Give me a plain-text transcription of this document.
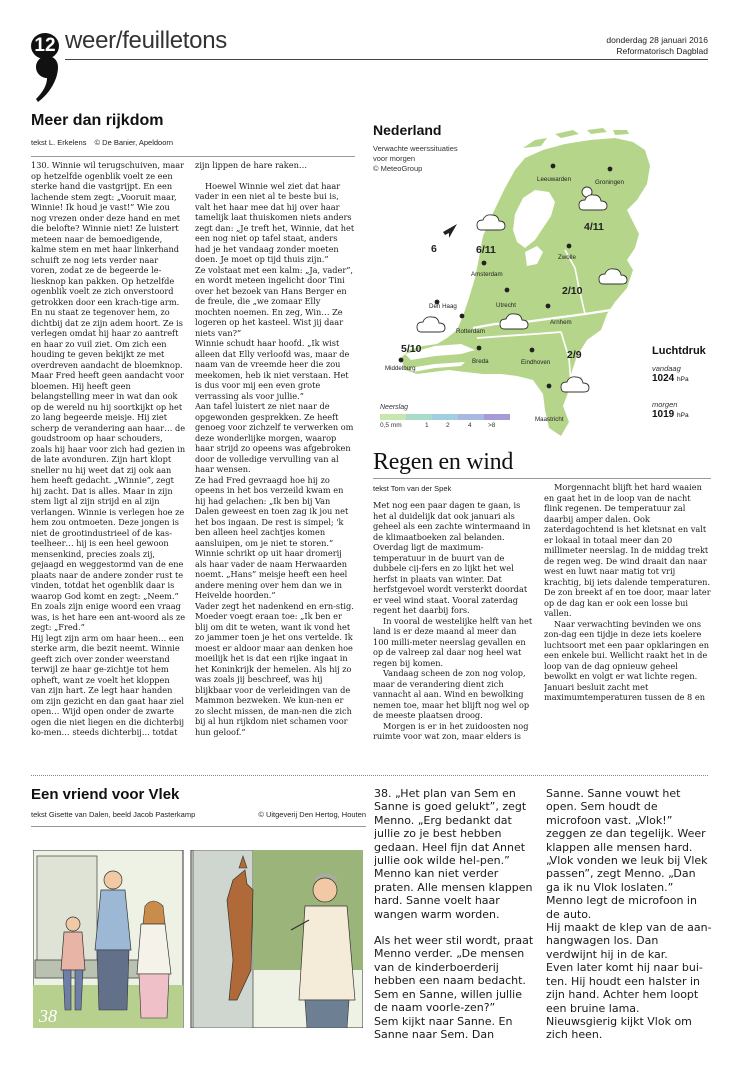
12 weer/feuilletons	donderdag 28 januari 2016
Reformatorisch Dagblad
Meer dan rijkdom
tekst L. Erkelens © De Banier, Apeldoorn

130. Winnie wil terugschuiven, maar op hetzelfde ogenblik voelt ze een sterke hand die vastgrijpt. En een lachende stem zegt: „Vooruit maar, Winnie! Ik houd je vast!” Wie zou nog vrezen onder deze hand en met die belofte? Winnie niet! Ze luistert meteen naar de bemoedigende, kalme stem en met haar linkerhand schuift ze nog iets verder naar voren, zodat ze de begeerde le-liesknop kan pakken. Op hetzelfde ogenblik voelt ze zich onverstoord getrokken door een krach-tige arm. En nu staat ze tegenover hem, zo dichtbij dat ze zijn adem hoort. Ze is verlegen omdat hij haar zo aantreft en haar zo vuil ziet. Om zich een houding te geven bekijkt ze met overdreven aandacht de bloemknop.

Maar Fred heeft geen aandacht voor bloemen. Hij heeft geen belangstelling meer in wat dan ook op de wereld nu hij soortkijkt op het zo lang begeerde meisje. Hij ziet scherp de verandering aan haar… de goudstroom op haar schouders, zoals hij haar voor zich had gezien in de late avonduren. Zijn hart klopt sneller nu hij weet dat zij ook aan hem heeft gedacht. „Winnie”, zegt hij zacht. Dat is alles. Maar in zijn stem ligt al zijn strijd en al zijn verlangen. Winnie is verlegen hoe ze hem zou ontmoeten. Deze jongen is niet de grootindustrieel of de kas-teelheer… hij is een heel gewoon mensenkind, precies zoals zij, gejaagd en weggestormd van de ene plaats naar de andere zonder rust te vinden, totdat het ogenblik daar is waarop God komt en zegt: „Neem.”

En zoals zijn enige woord een vraag was, is het hare een ant-woord als ze zegt: „Fred.”

Hij legt zijn arm om haar heen… een sterke arm, die bezit neemt. Winnie geeft zich over zonder weerstand terwijl ze haar ge-zichtje tot hem opheft, want ze voelt het kloppen van zijn hart. Ze legt haar handen om zijn gezicht en dan gaat haar ziel open… Wijd open onder de zwarte ogen die niet liegen en die dichterbij ko-men… steeds dichterbij… totdat

zijn lippen de hare raken…

Hoewel Winnie wel ziet dat haar vader in een niet al te beste bui is, valt het haar mee dat hij over haar tamelijk laat thuiskomen niets anders zegt dan: „Je treft het, Winnie, dat het een nog niet op tafel staat, anders had je het vandaag zonder moeten doen. Je moet op tijd thuis zijn.”

Ze volstaat met een kalm: „Ja, vader”, en wordt meteen ingelicht door Tini over het bezoek van Hans Berger en de freule, die „we zomaar Elly mochten noemen. En zeg, Win… Ze logeren op het kasteel. Wist jij daar niets van?”

Winnie schudt haar hoofd. „Ik wist alleen dat Elly verloofd was, maar de naam van de vreemde heer die zou meekomen, heb ik niet verstaan. Het is dus voor mij een even grote verrassing als voor jullie.”

Aan tafel luistert ze niet naar de opgewonden gesprekken. Ze heeft genoeg voor zichzelf te verwerken om deze wonderlijke morgen, waarop haar strijd zo opeens was afgebroken door de volledige vervulling van al haar wensen.

Ze had Fred gevraagd hoe hij zo opeens in het bos verzeild kwam en hij had gelachen: „Ik ben bij Van Dalen geweest en toen zag ik jou net het bos ingaan. De rest is simpel; 'k ben alleen heel zachtjes komen aansluipen, om je niet te storen.”

Winnie schrikt op uit haar dromerij als haar vader de naam Herwaarden noemt. „Hans” meisje heeft een heel andere mening over hem dan we in Heivelde hoorden.”

Vader zegt het nadenkend en ern-stig. Moeder voegt eraan toe: „Ik ben er blij om dit te weten, want ik vond het zo jammer toen je het ons vertelde. Ik moest er aldoor maar aan denken hoe moeilijk het is dat een rijke ingaat in het Koninkrijk der hemelen. Als hij zo was zoals jij beschreef, was hij blijkbaar voor de verleidingen van de Mammon bezweken. We kun-nen er zo slecht missen, de man-nen die zich bij al hun rijkdom niet schamen voor hun geloof.”

Leeuwarden	Groningen
Zwolle
Amsterdam
Den Haag	Utrecht
Arnhem
Rotterdam
Breda	Eindhoven
Middelburg
Maastricht
4/11
6/11
2/10
5/10	2/9
6
Nederland
Verwachte weerssituaties
voor morgen
© MeteoGroup
Luchtdruk
vandaag
1024 hPa
morgen
1019 hPa
Neerslag
0,5 mm	1	2	4	>8
Regen en wind
tekst Tom van der Spek

Met nog een paar dagen te gaan, is het al duidelijk dat ook januari als geheel als een zachte wintermaand in de klimaatboeken zal belanden. Overdag ligt de maximum-temperatuur in de buurt van de dubbele cij-fers en zo lijkt het wel herfst in plaats van winter. Dat herfstgevoel wordt versterkt doordat er veel wind staat. Vooral zaterdag regent het daarbij fors.

In vooral de westelijke helft van het land is er deze maand al meer dan 100 milli-meter neerslag gevallen en op de valreep zal daar nog heel wat regen bij komen.

Vandaag scheen de zon nog volop, maar de verandering dient zich vannacht al aan. Wind en bewolking nemen toe, maar het blijft nog wel op de meeste plaatsen droog.

Morgen is er in het zuidoosten nog ruimte voor wat zon, maar elders is

Morgennacht blijft het hard waaien en gaat het in de loop van de nacht flink regenen. De temperatuur zal daarbij amper dalen. Ook zaterdagochtend is het kletsnat en valt er lokaal in totaal meer dan 20 millimeter neerslag. In de middag trekt de regen weg. De wind draait dan naar west en luwt naar matig tot vrij krachtig, bij iets dalende temperaturen. De zon breekt af en toe door, maar later op de dag kan er ook een losse bui vallen.

Naar verwachting bevinden we ons zon-dag een tijdje in deze iets koelere luchtsoort met een paar opklaringen en een enkele bui. Wellicht raakt het in de loop van de dag opnieuw geheel bewolkt en volgt er wat lichte regen. Januari besluit zacht met maximumtemperaturen tussen de 8 en

Een vriend voor Vlek
tekst Gisette van Dalen, beeld Jacob Pasterkamp	© Uitgeverij Den Hertog, Houten
38

38. „Het plan van Sem en Sanne is goed gelukt”, zegt Menno. „Erg bedankt dat jullie zo je best hebben gedaan. Heel fijn dat Annet jullie ook wilde hel-pen.”

Menno kan niet verder praten. Alle mensen klappen hard. Sanne voelt haar wangen warm worden.

Als het weer stil wordt, praat Menno verder. „De mensen van de kinderboerderij hebben een naam bedacht. Sem en Sanne, willen jullie de naam voorle-zen?”

Sem kijkt naar Sanne. En Sanne naar Sem. Dan

Sanne. Sanne vouwt het open. Sem houdt de microfoon vast. „Vlok!” zeggen ze dan tegelijk. Weer klappen alle mensen hard.

„Vlok vonden we leuk bij Vlek passen”, zegt Menno. „Dan ga ik nu Vlok loslaten.”

Menno legt de microfoon in de auto.

Hij maakt de klep van de aan-hangwagen los. Dan verdwijnt hij in de kar.

Even later komt hij naar bui-ten. Hij houdt een halster in zijn hand. Achter hem loopt een bruine lama. Nieuwsgierig kijkt Vlok om zich heen.
